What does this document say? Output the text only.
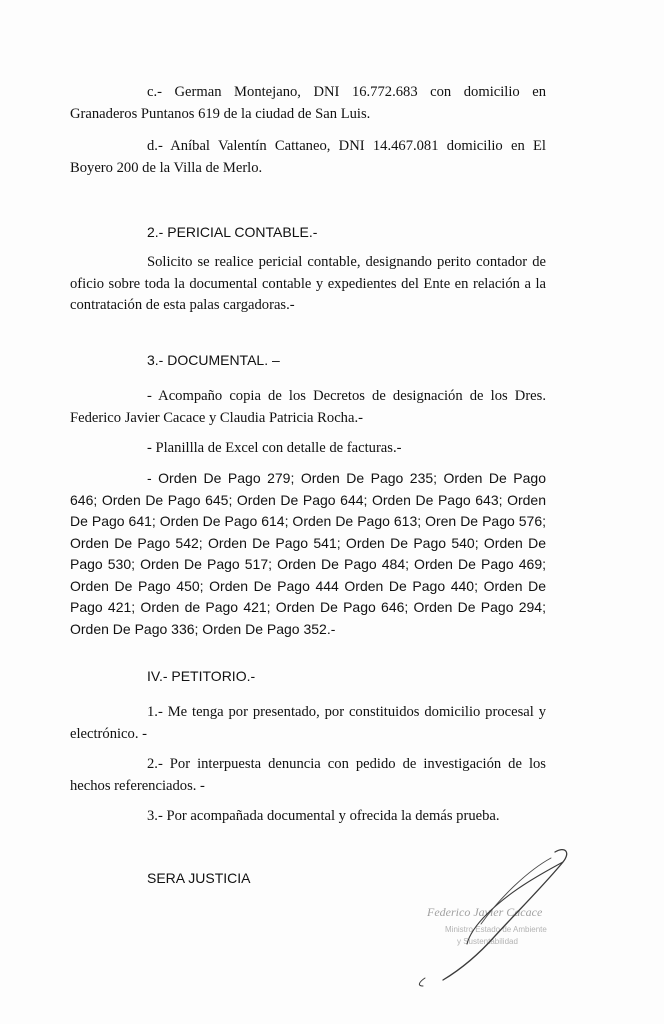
c.- German Montejano, DNI 16.772.683 con domicilio en Granaderos Puntanos 619 de la ciudad de San Luis.

d.- Aníbal Valentín Cattaneo, DNI 14.467.081 domicilio en El Boyero 200 de la Villa de Merlo.

2.- PERICIAL CONTABLE.-

Solicito se realice pericial contable, designando perito contador de oficio sobre toda la documental contable y expedientes del Ente en relación a la contratación de esta palas cargadoras.-

3.- DOCUMENTAL. –

- Acompaño copia de los Decretos de designación de los Dres. Federico Javier Cacace y Claudia Patricia Rocha.-

- Planillla de Excel con detalle de facturas.-

- Orden De Pago 279; Orden De Pago 235; Orden De Pago 646; Orden De Pago 645; Orden De Pago 644; Orden De Pago 643; Orden De Pago 641; Orden De Pago 614; Orden De Pago 613; Oren De Pago 576; Orden De Pago 542; Orden De Pago 541; Orden De Pago 540; Orden De Pago 530; Orden De Pago 517; Orden De Pago 484; Orden De Pago 469; Orden De Pago 450; Orden De Pago 444 Orden De Pago 440; Orden De Pago 421; Orden de Pago 421; Orden De Pago 646; Orden De Pago 294; Orden De Pago 336; Orden De Pago 352.-

IV.- PETITORIO.-

1.- Me tenga por presentado, por constituidos domicilio procesal y electrónico. -

2.- Por interpuesta denuncia con pedido de investigación de los hechos referenciados. -

3.- Por acompañada documental y ofrecida la demás prueba.

SERA JUSTICIA

Federico Javier Cacace
Ministro Estado de Ambiente
y Sustentabilidad
